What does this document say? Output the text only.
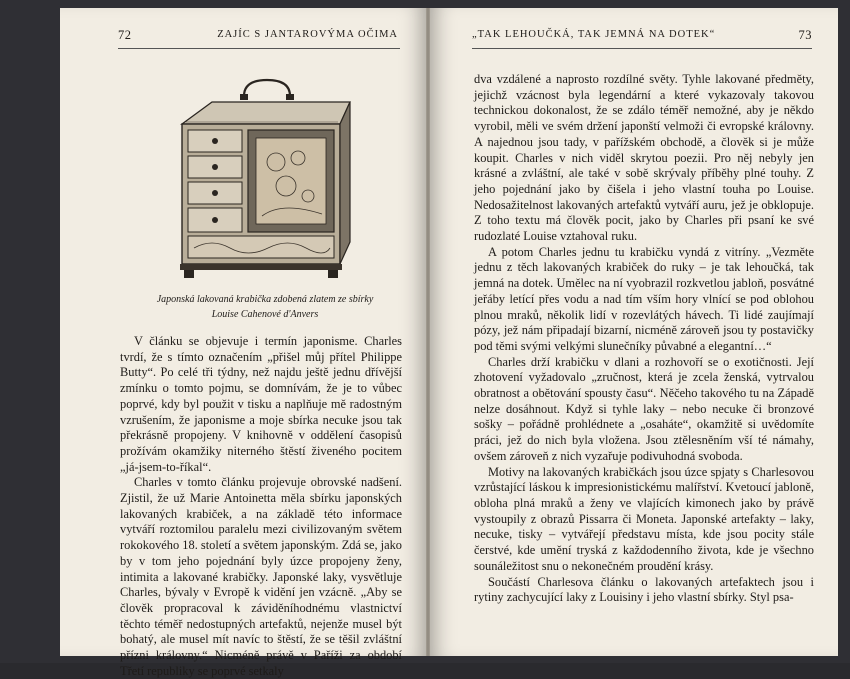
72	ZAJÍC S JANTAROVÝMA OČIMA
Japonská lakovaná krabička zdobená zlatem ze sbírky
Louise Cahenové d'Anvers

V článku se objevuje i termín japonisme. Charles tvrdí, že s tímto označením „přišel můj přítel Philippe Butty“. Po celé tři týdny, než najdu ještě jednu dřívější zmínku o tomto pojmu, se domnívám, že je to vůbec poprvé, kdy byl použit v tisku a naplňuje mě radostným vzrušením, že japonisme a moje sbírka necuke jsou tak překrásně propojeny. V knihovně v oddělení časopisů prožívám okamžiky niterného štěstí živeného pocitem „já-jsem-to-říkal“.

Charles v tomto článku projevuje obrovské nadšení. Zjistil, že už Marie Antoinetta měla sbírku japonských lakovaných krabiček, a na základě této informace vytváří roztomilou paralelu mezi civilizovaným světem rokokového 18. století a světem japonským. Zdá se, jako by v tom jeho pojednání byly úzce propojeny ženy, intimita a lakované krabičky. Japonské laky, vysvětluje Charles, bývaly v Evropě k vidění jen vzácně. „Aby se člověk propracoval k záviděníhodnému vlastnictví těchto téměř nedostupných artefaktů, nejenže musel být bohatý, ale musel mít navíc to štěstí, že se těšil zvláštní přízni královny.“ Nicméně právě v Paříži za období Třetí republiky se poprvé setkaly

„TAK LEHOUČKÁ, TAK JEMNÁ NA DOTEK“	73

dva vzdálené a naprosto rozdílné světy. Tyhle lakované předměty, jejichž vzácnost byla legendární a které vykazovaly takovou technickou dokonalost, že se zdálo téměř nemožné, aby je někdo vyrobil, měli ve svém držení japonští velmoži či evropské královny. A najednou jsou tady, v pařížském obchodě, a člověk si je může koupit. Charles v nich viděl skrytou poezii. Pro něj nebyly jen krásné a zvláštní, ale také v sobě skrývaly příběhy plné touhy. Z jeho pojednání jako by čišela i jeho vlastní touha po Louise. Nedosažitelnost lakovaných artefaktů vytváří auru, jež je obklopuje. Z toho textu má člověk pocit, jako by Charles při psaní ke své rudozlaté Louise vztahoval ruku.

A potom Charles jednu tu krabičku vyndá z vitríny. „Vezměte jednu z těch lakovaných krabiček do ruky – je tak lehoučká, tak jemná na dotek. Umělec na ní vyobrazil rozkvetlou jabloň, posvátné jeřáby letící přes vodu a nad tím vším hory vlnící se pod oblohou plnou mraků, několik lidí v rozevlátých hávech. Ti lidé zaujímají pózy, jež nám připadají bizarní, nicméně zároveň jsou ty postavičky pod těmi svými velkými slunečníky půvabné a elegantní…“

Charles drží krabičku v dlani a rozhovoří se o exotičnosti. Její zhotovení vyžadovalo „zručnost, která je zcela ženská, vytrvalou obratnost a obětování spousty času“. Něčeho takového tu na Západě nelze dosáhnout. Když si tyhle laky – nebo necuke či bronzové sošky – pořádně prohlédnete a „osaháte“, okamžitě si uvědomíte práci, jež do nich byla vložena. Jsou ztělesněním vší té námahy, ovšem zároveň z nich vyzařuje podivuhodná svoboda.

Motivy na lakovaných krabičkách jsou úzce spjaty s Charlesovou vzrůstající láskou k impresionistickému malířství. Kvetoucí jabloně, obloha plná mraků a ženy ve vlajících kimonech jako by právě vystoupily z obrazů Pissarra či Moneta. Japonské artefakty – laky, necuke, tisky – vytvářejí představu místa, kde jsou pocity stále čerstvé, kde umění tryská z každodenního života, kde je všechno sounáležitost snu o nekonečném proudění krásy.

Součástí Charlesova článku o lakovaných artefaktech jsou i rytiny zachycující laky z Louisiny i jeho vlastní sbírky. Styl psa-
